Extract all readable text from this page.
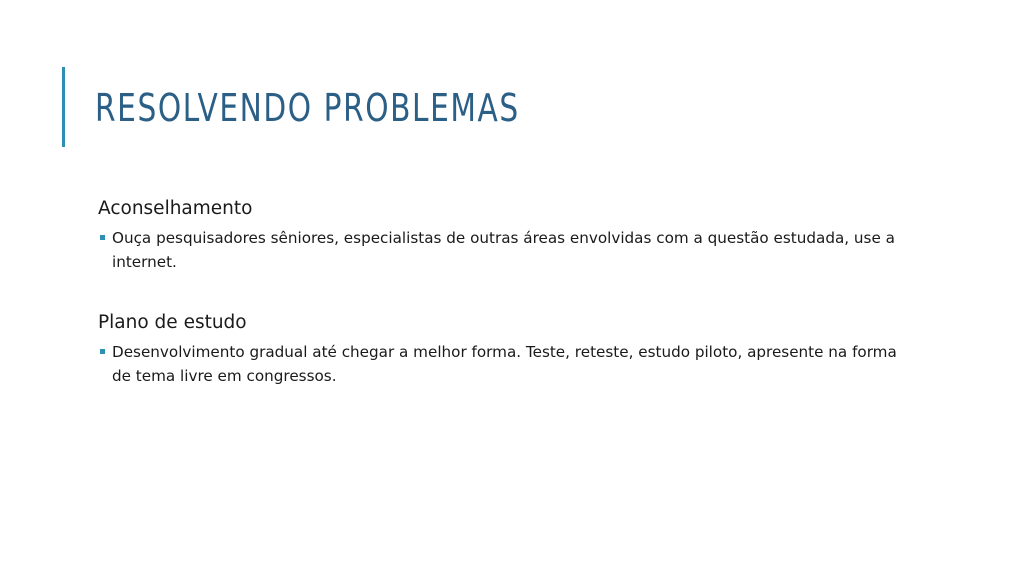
RESOLVENDO PROBLEMAS
Aconselhamento
Ouça pesquisadores sêniores, especialistas de outras áreas envolvidas com a questão estudada, use a internet.
Plano de estudo
Desenvolvimento gradual até chegar a melhor forma. Teste, reteste, estudo piloto, apresente na forma de tema livre em congressos.
